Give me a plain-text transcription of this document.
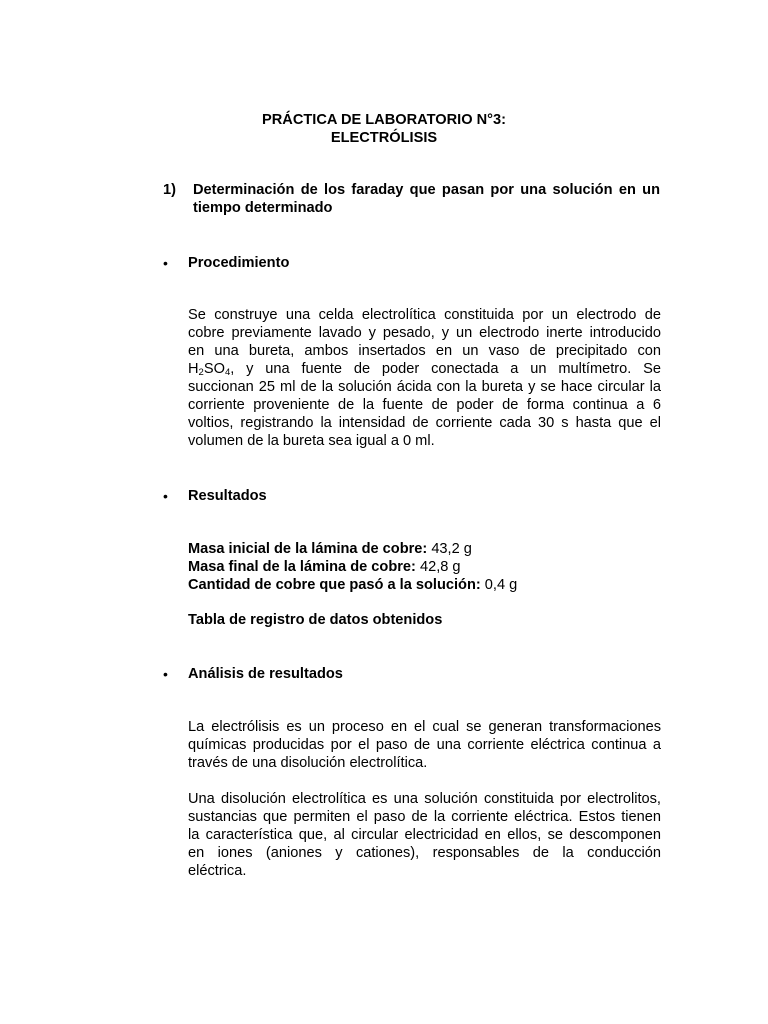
PRÁCTICA DE LABORATORIO N°3:
ELECTRÓLISIS
1) Determinación de los faraday que pasan por una solución en un
tiempo determinado
• Procedimiento
Se construye una celda electrolítica constituida por un electrodo de
cobre previamente lavado y pesado, y un electrodo inerte introducido
en una bureta, ambos insertados en un vaso de precipitado con
$H_2SO_4$,  y  una  fuente  de  poder  conectada  a  un  multímetro.  Se
succionan 25 ml de la solución ácida con la bureta y se hace circular la
corriente proveniente de la fuente de poder de forma continua a 6
voltios, registrando la intensidad de corriente cada 30 s hasta que el
volumen de la bureta sea igual a 0 ml.
• Resultados
Masa inicial de la lámina de cobre: 43,2 g
Masa final de la lámina de cobre: 42,8 g
Cantidad de cobre que pasó a la solución: 0,4 g
Tabla de registro de datos obtenidos
• Análisis de resultados
La electrólisis es un proceso en el cual se generan transformaciones
químicas producidas por el paso de una corriente eléctrica continua a
través de una disolución electrolítica.
Una disolución electrolítica es una solución constituida por electrolitos,
sustancias que permiten el paso de la corriente eléctrica. Estos tienen
la característica que, al circular electricidad en ellos, se descomponen
en  iones  (aniones  y  cationes),  responsables  de  la  conducción
eléctrica.
